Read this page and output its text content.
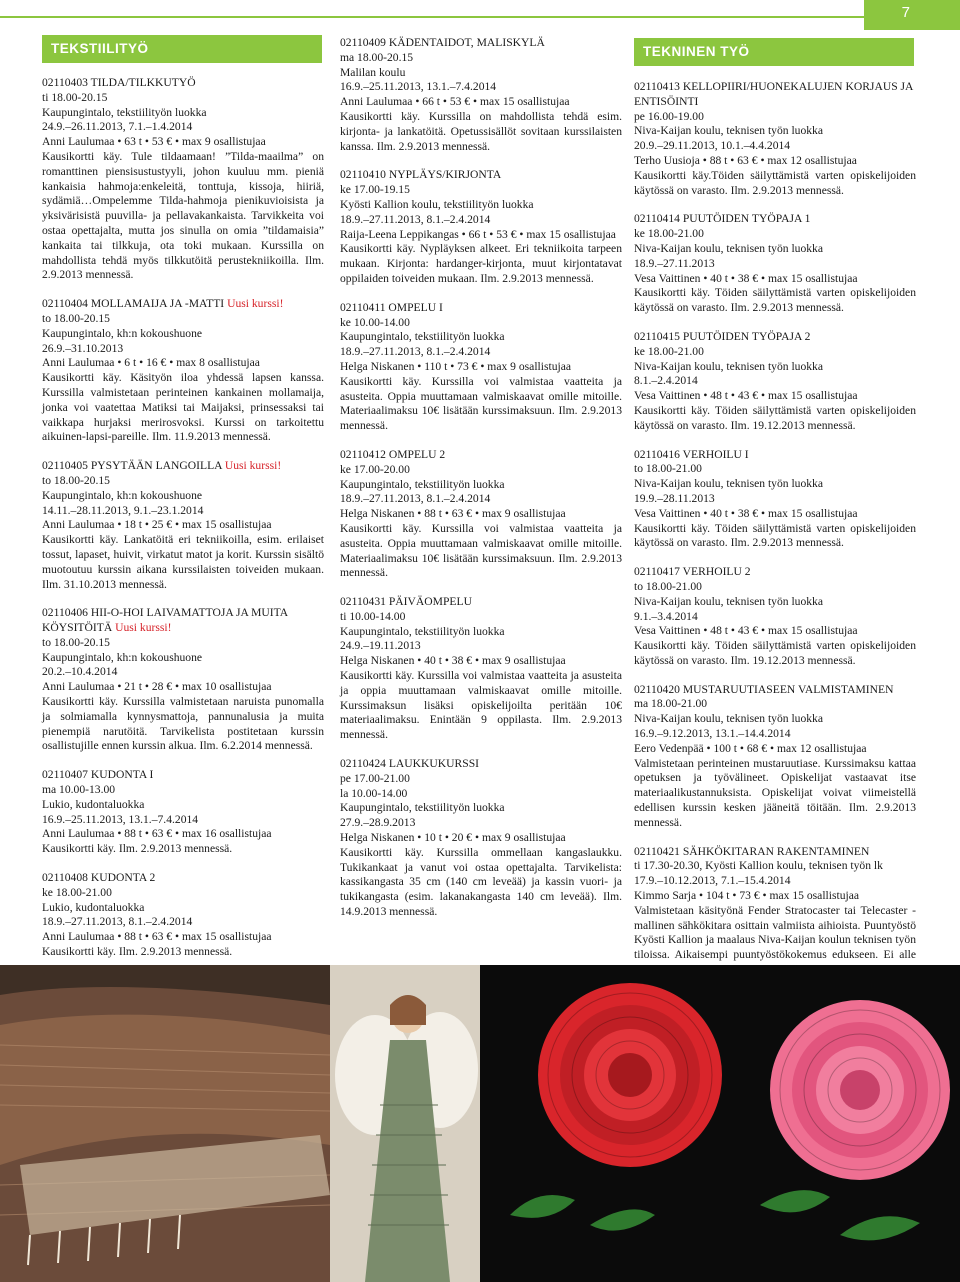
7
TEKSTIILITYÖ	TEKNINEN TYÖ
02110403 TILDA/TILKKUTYÖ
ti 18.00-20.15
Kaupungintalo, tekstiilityön luokka
24.9.–26.11.2013, 7.1.–1.4.2014
Anni Laulumaa • 63 t • 53 € • max 9 osallistujaa
Kausikortti käy. Tule tildaamaan! ”Tilda-maailma” on romanttinen piensisustustyyli, johon kuuluu mm. pieniä kankaisia hahmoja:enkeleitä, tonttuja, kissoja, hiiriä, sydämiä…Ompelemme Tilda-hahmoja pienikuvioisista ja yksivärisistä puuvilla- ja pellavakankaista. Tarvikkeita voi ostaa opettajalta, mutta jos sinulla on omia ”tildamaisia” kankaita tai tilkkuja, ota toki mukaan. Kurssilla on mahdollista tehdä myös tilkkutöitä perustekniikoilla. Ilm. 2.9.2013 mennessä.
02110404 MOLLAMAIJA JA -MATTI Uusi kurssi!
to 18.00-20.15
Kaupungintalo, kh:n kokoushuone
26.9.–31.10.2013
Anni Laulumaa • 6 t • 16 € • max 8 osallistujaa
Kausikortti käy. Käsityön iloa yhdessä lapsen kanssa. Kurssilla valmistetaan perinteinen kankainen mollamaija, jonka voi vaatettaa Matiksi tai Maijaksi, prinsessaksi tai vaikkapa hurjaksi merirosvoksi. Kurssi on tarkoitettu aikuinen-lapsi-pareille. Ilm. 11.9.2013 mennessä.
02110405 PYSYTÄÄN LANGOILLA Uusi kurssi!
to 18.00-20.15
Kaupungintalo, kh:n kokoushuone
14.11.–28.11.2013, 9.1.–23.1.2014
Anni Laulumaa • 18 t • 25 € • max 15 osallistujaa
Kausikortti käy. Lankatöitä eri tekniikoilla, esim. erilaiset tossut, lapaset, huivit, virkatut matot ja korit. Kurssin sisältö muotoutuu kurssin aikana kurssilaisten toiveiden mukaan. Ilm. 31.10.2013 mennessä.
02110406 HII-O-HOI LAIVAMATTOJA JA MUITA KÖYSITÖITÄ Uusi kurssi!
to 18.00-20.15
Kaupungintalo, kh:n kokoushuone
20.2.–10.4.2014
Anni Laulumaa • 21 t • 28 € • max 10 osallistujaa
Kausikortti käy. Kurssilla valmistetaan naruista punomalla ja solmiamalla kynnysmattoja, pannunalusia ja muita pienempiä narutöitä. Tarvikelista postitetaan kurssin osallistujille ennen kurssin alkua. Ilm. 6.2.2014 mennessä.
02110407 KUDONTA I
ma 10.00-13.00
Lukio, kudontaluokka
16.9.–25.11.2013, 13.1.–7.4.2014
Anni Laulumaa • 88 t • 63 € • max 16 osallistujaa
Kausikortti käy. Ilm. 2.9.2013 mennessä.
02110408 KUDONTA 2
ke 18.00-21.00
Lukio, kudontaluokka
18.9.–27.11.2013, 8.1.–2.4.2014
Anni Laulumaa • 88 t • 63 € • max 15 osallistujaa
Kausikortti käy. Ilm. 2.9.2013 mennessä.
02110409 KÄDENTAIDOT, MALISKYLÄ
ma 18.00-20.15
Malilan koulu
16.9.–25.11.2013, 13.1.–7.4.2014
Anni Laulumaa • 66 t • 53 € • max 15 osallistujaa
Kausikortti käy. Kurssilla on mahdollista tehdä esim. kirjonta- ja lankatöitä. Opetussisällöt sovitaan kurssilaisten kanssa. Ilm. 2.9.2013 mennessä.
02110410 NYPLÄYS/KIRJONTA
ke 17.00-19.15
Kyösti Kallion koulu, tekstiilityön luokka
18.9.–27.11.2013, 8.1.–2.4.2014
Raija-Leena Leppikangas • 66 t • 53 € • max 15 osallistujaa
Kausikortti käy. Nypläyksen alkeet. Eri tekniikoita tarpeen mukaan. Kirjonta: hardanger-kirjonta, muut kirjontatavat oppilaiden toiveiden mukaan. Ilm. 2.9.2013 mennessä.
02110411 OMPELU I
ke 10.00-14.00
Kaupungintalo, tekstiilityön luokka
18.9.–27.11.2013, 8.1.–2.4.2014
Helga Niskanen • 110 t • 73 € • max 9 osallistujaa
Kausikortti käy. Kurssilla voi valmistaa vaatteita ja asusteita. Oppia muuttamaan valmiskaavat omille mitoille. Materiaalimaksu 10€ lisätään kurssimaksuun. Ilm. 2.9.2013 mennessä.
02110412 OMPELU 2
ke 17.00-20.00
Kaupungintalo, tekstiilityön luokka
18.9.–27.11.2013, 8.1.–2.4.2014
Helga Niskanen • 88 t • 63 € • max 9 osallistujaa
Kausikortti käy. Kurssilla voi valmistaa vaatteita ja asusteita. Oppia muuttamaan valmiskaavat omille mitoille. Materiaalimaksu 10€ lisätään kurssimaksuun. Ilm. 2.9.2013 mennessä.
02110431 PÄIVÄOMPELU
ti 10.00-14.00
Kaupungintalo, tekstiilityön luokka
24.9.–19.11.2013
Helga Niskanen • 40 t • 38 € • max 9 osallistujaa
Kausikortti käy. Kurssilla voi valmistaa vaatteita ja asusteita ja oppia muuttamaan valmiskaavat omille mitoille. Kurssimaksun lisäksi opiskelijoilta peritään 10€ materiaalimaksu. Enintään 9 oppilasta. Ilm. 2.9.2013 mennessä.
02110424 LAUKKUKURSSI
pe 17.00-21.00
la 10.00-14.00
Kaupungintalo, tekstiilityön luokka
27.9.–28.9.2013
Helga Niskanen • 10 t • 20 € • max 9 osallistujaa
Kausikortti käy. Kurssilla ommellaan kangaslaukku. Tukikankaat ja vanut voi ostaa opettajalta. Tarvikelista: kassikangasta 35 cm (140 cm leveää) ja kassin vuori- ja tukikangasta (esim. lakanakangasta 140 cm leveää). Ilm. 14.9.2013 mennessä.
02110413 KELLOPIIRI/HUONEKALUJEN KORJAUS JA ENTISÖINTI
pe 16.00-19.00
Niva-Kaijan koulu, teknisen työn luokka
20.9.–29.11.2013, 10.1.–4.4.2014
Terho Uusioja • 88 t • 63 € • max 12 osallistujaa
Kausikortti käy.Töiden säilyttämistä varten opiskelijoiden käytössä on varasto. Ilm. 2.9.2013 mennessä.
02110414 PUUTÖIDEN TYÖPAJA 1
ke 18.00-21.00
Niva-Kaijan koulu, teknisen työn luokka
18.9.–27.11.2013
Vesa Vaittinen • 40 t • 38 € • max 15 osallistujaa
Kausikortti käy. Töiden säilyttämistä varten opiskelijoiden käytössä on varasto. Ilm. 2.9.2013 mennessä.
02110415 PUUTÖIDEN TYÖPAJA 2
ke 18.00-21.00
Niva-Kaijan koulu, teknisen työn luokka
8.1.–2.4.2014
Vesa Vaittinen • 48 t • 43 € • max 15 osallistujaa
Kausikortti käy. Töiden säilyttämistä varten opiskelijoiden käytössä on varasto. Ilm. 19.12.2013 mennessä.
02110416 VERHOILU I
to 18.00-21.00
Niva-Kaijan koulu, teknisen työn luokka
19.9.–28.11.2013
Vesa Vaittinen • 40 t • 38 € • max 15 osallistujaa
Kausikortti käy. Töiden säilyttämistä varten opiskelijoiden käytössä on varasto. Ilm. 2.9.2013 mennessä.
02110417 VERHOILU 2
to 18.00-21.00
Niva-Kaijan koulu, teknisen työn luokka
9.1.–3.4.2014
Vesa Vaittinen • 48 t • 43 € • max 15 osallistujaa
Kausikortti käy. Töiden säilyttämistä varten opiskelijoiden käytössä on varasto. Ilm. 19.12.2013 mennessä.
02110420 MUSTARUUTIASEEN VALMISTAMINEN
ma 18.00-21.00
Niva-Kaijan koulu, teknisen työn luokka
16.9.–9.12.2013, 13.1.–14.4.2014
Eero Vedenpää • 100 t • 68 € • max 12 osallistujaa
Valmistetaan perinteinen mustaruutiase. Kurssimaksu kattaa opetuksen ja työvälineet. Opiskelijat vastaavat itse materiaalikustannuksista. Opiskelijat voivat viimeistellä edellisen kurssin kesken jääneitä töitään. Ilm. 2.9.2013 mennessä.
02110421 SÄHKÖKITARAN RAKENTAMINEN
ti 17.30-20.30, Kyösti Kallion koulu, teknisen työn lk
17.9.–10.12.2013, 7.1.–15.4.2014
Kimmo Sarja • 104 t • 73 € • max 15 osallistujaa
Valmistetaan käsityönä Fender Stratocaster tai Telecaster -mallinen sähkökitara osittain valmiista aihioista. Puuntyöstö Kyösti Kallion ja maalaus Niva-Kaijan koulun teknisen työn tiloissa. Aikaisempi puuntyöstökokemus edukseen. Ei alle
